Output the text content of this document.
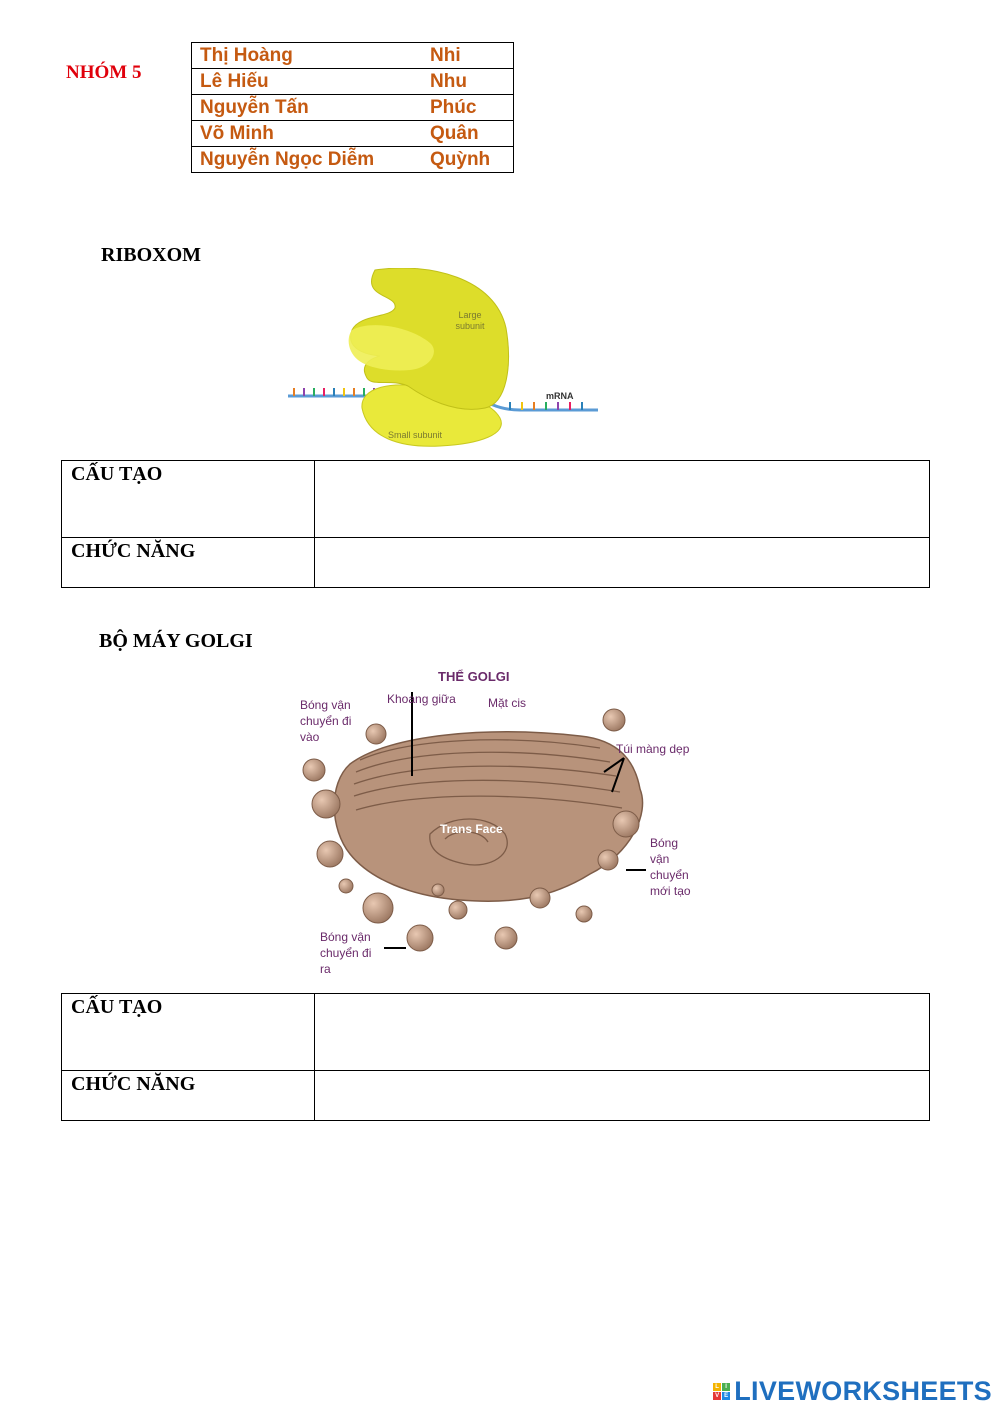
NHÓM 5
Thị Hoàng	Nhi
Lê Hiếu	Nhu
Nguyễn Tấn	Phúc
Võ Minh	Quân
Nguyễn Ngọc Diễm	Quỳnh
RIBOXOM
Large
subunit
mRNA
Small subunit
CẤU TẠO	
CHỨC NĂNG	
BỘ MÁY GOLGI
THỂ GOLGI
Bóng vận
chuyển đi
vào
Khoang giữa	Mặt cis
Túi màng dẹp
Trans Face
Bóng
vận
chuyển
mới tạo
Bóng vận
chuyển đi
ra
CẤU TẠO	
CHỨC NĂNG	
L	I
V E LIVEWORKSHEETS
